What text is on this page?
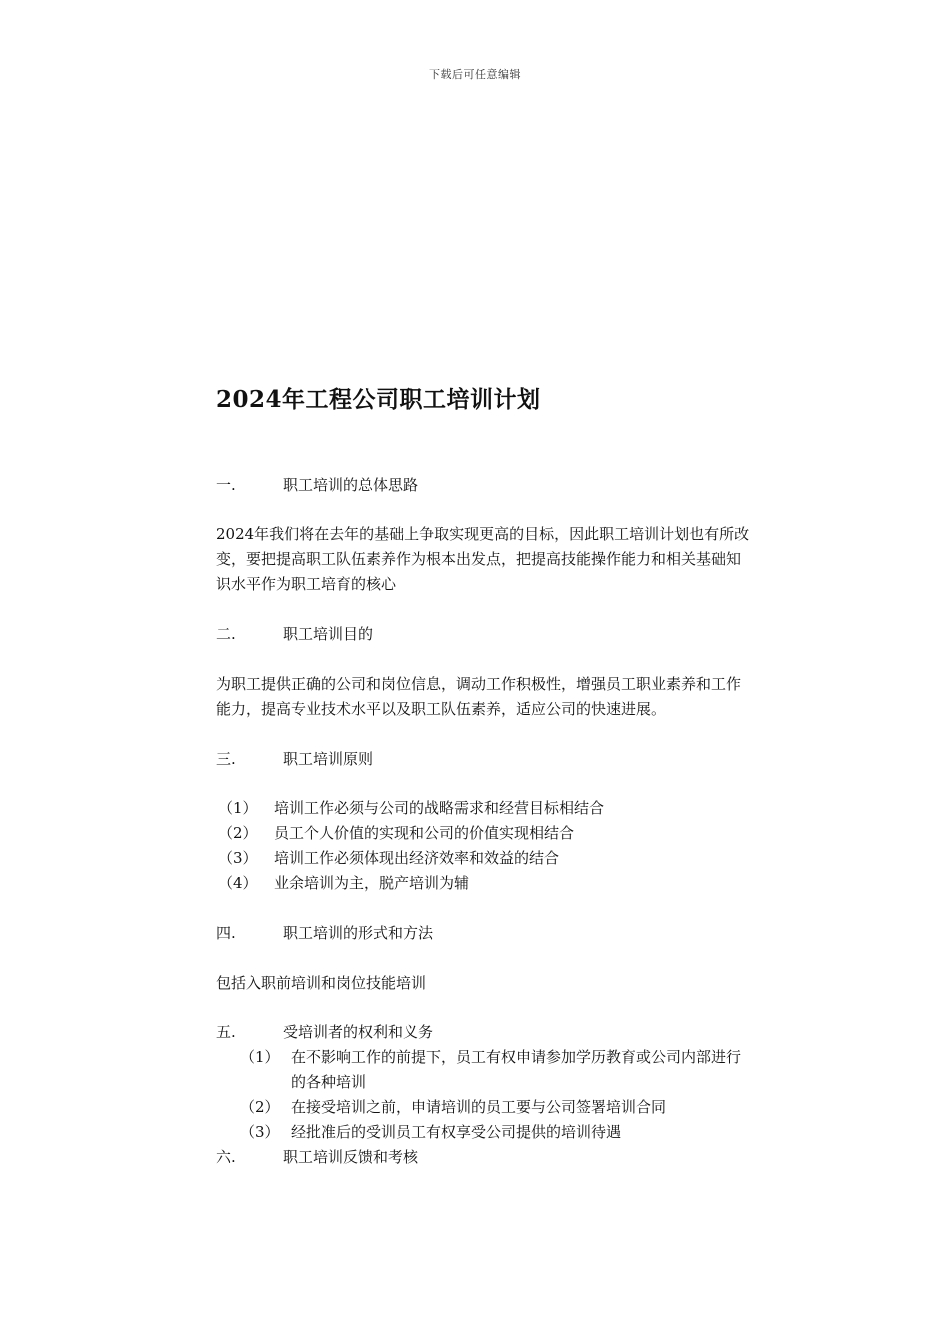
下载后可任意编辑
2024年工程公司职工培训计划
一.	职工培训的总体思路
2024年我们将在去年的基础上争取实现更高的目标，因此职工培训计划也有所改
变，要把提高职工队伍素养作为根本出发点，把提高技能操作能力和相关基础知
识水平作为职工培育的核心
二.	职工培训目的
为职工提供正确的公司和岗位信息，调动工作积极性，增强员工职业素养和工作
能力，提高专业技术水平以及职工队伍素养，适应公司的快速进展。
三.	职工培训原则
（1） 培训工作必须与公司的战略需求和经营目标相结合
（2） 员工个人价值的实现和公司的价值实现相结合
（3） 培训工作必须体现出经济效率和效益的结合
（4） 业余培训为主，脱产培训为辅
四.	职工培训的形式和方法
包括入职前培训和岗位技能培训
五.	受培训者的权利和义务
（1） 在不影响工作的前提下，员工有权申请参加学历教育或公司内部进行
的各种培训
（2） 在接受培训之前，申请培训的员工要与公司签署培训合同
（3） 经批准后的受训员工有权享受公司提供的培训待遇
六.	职工培训反馈和考核
